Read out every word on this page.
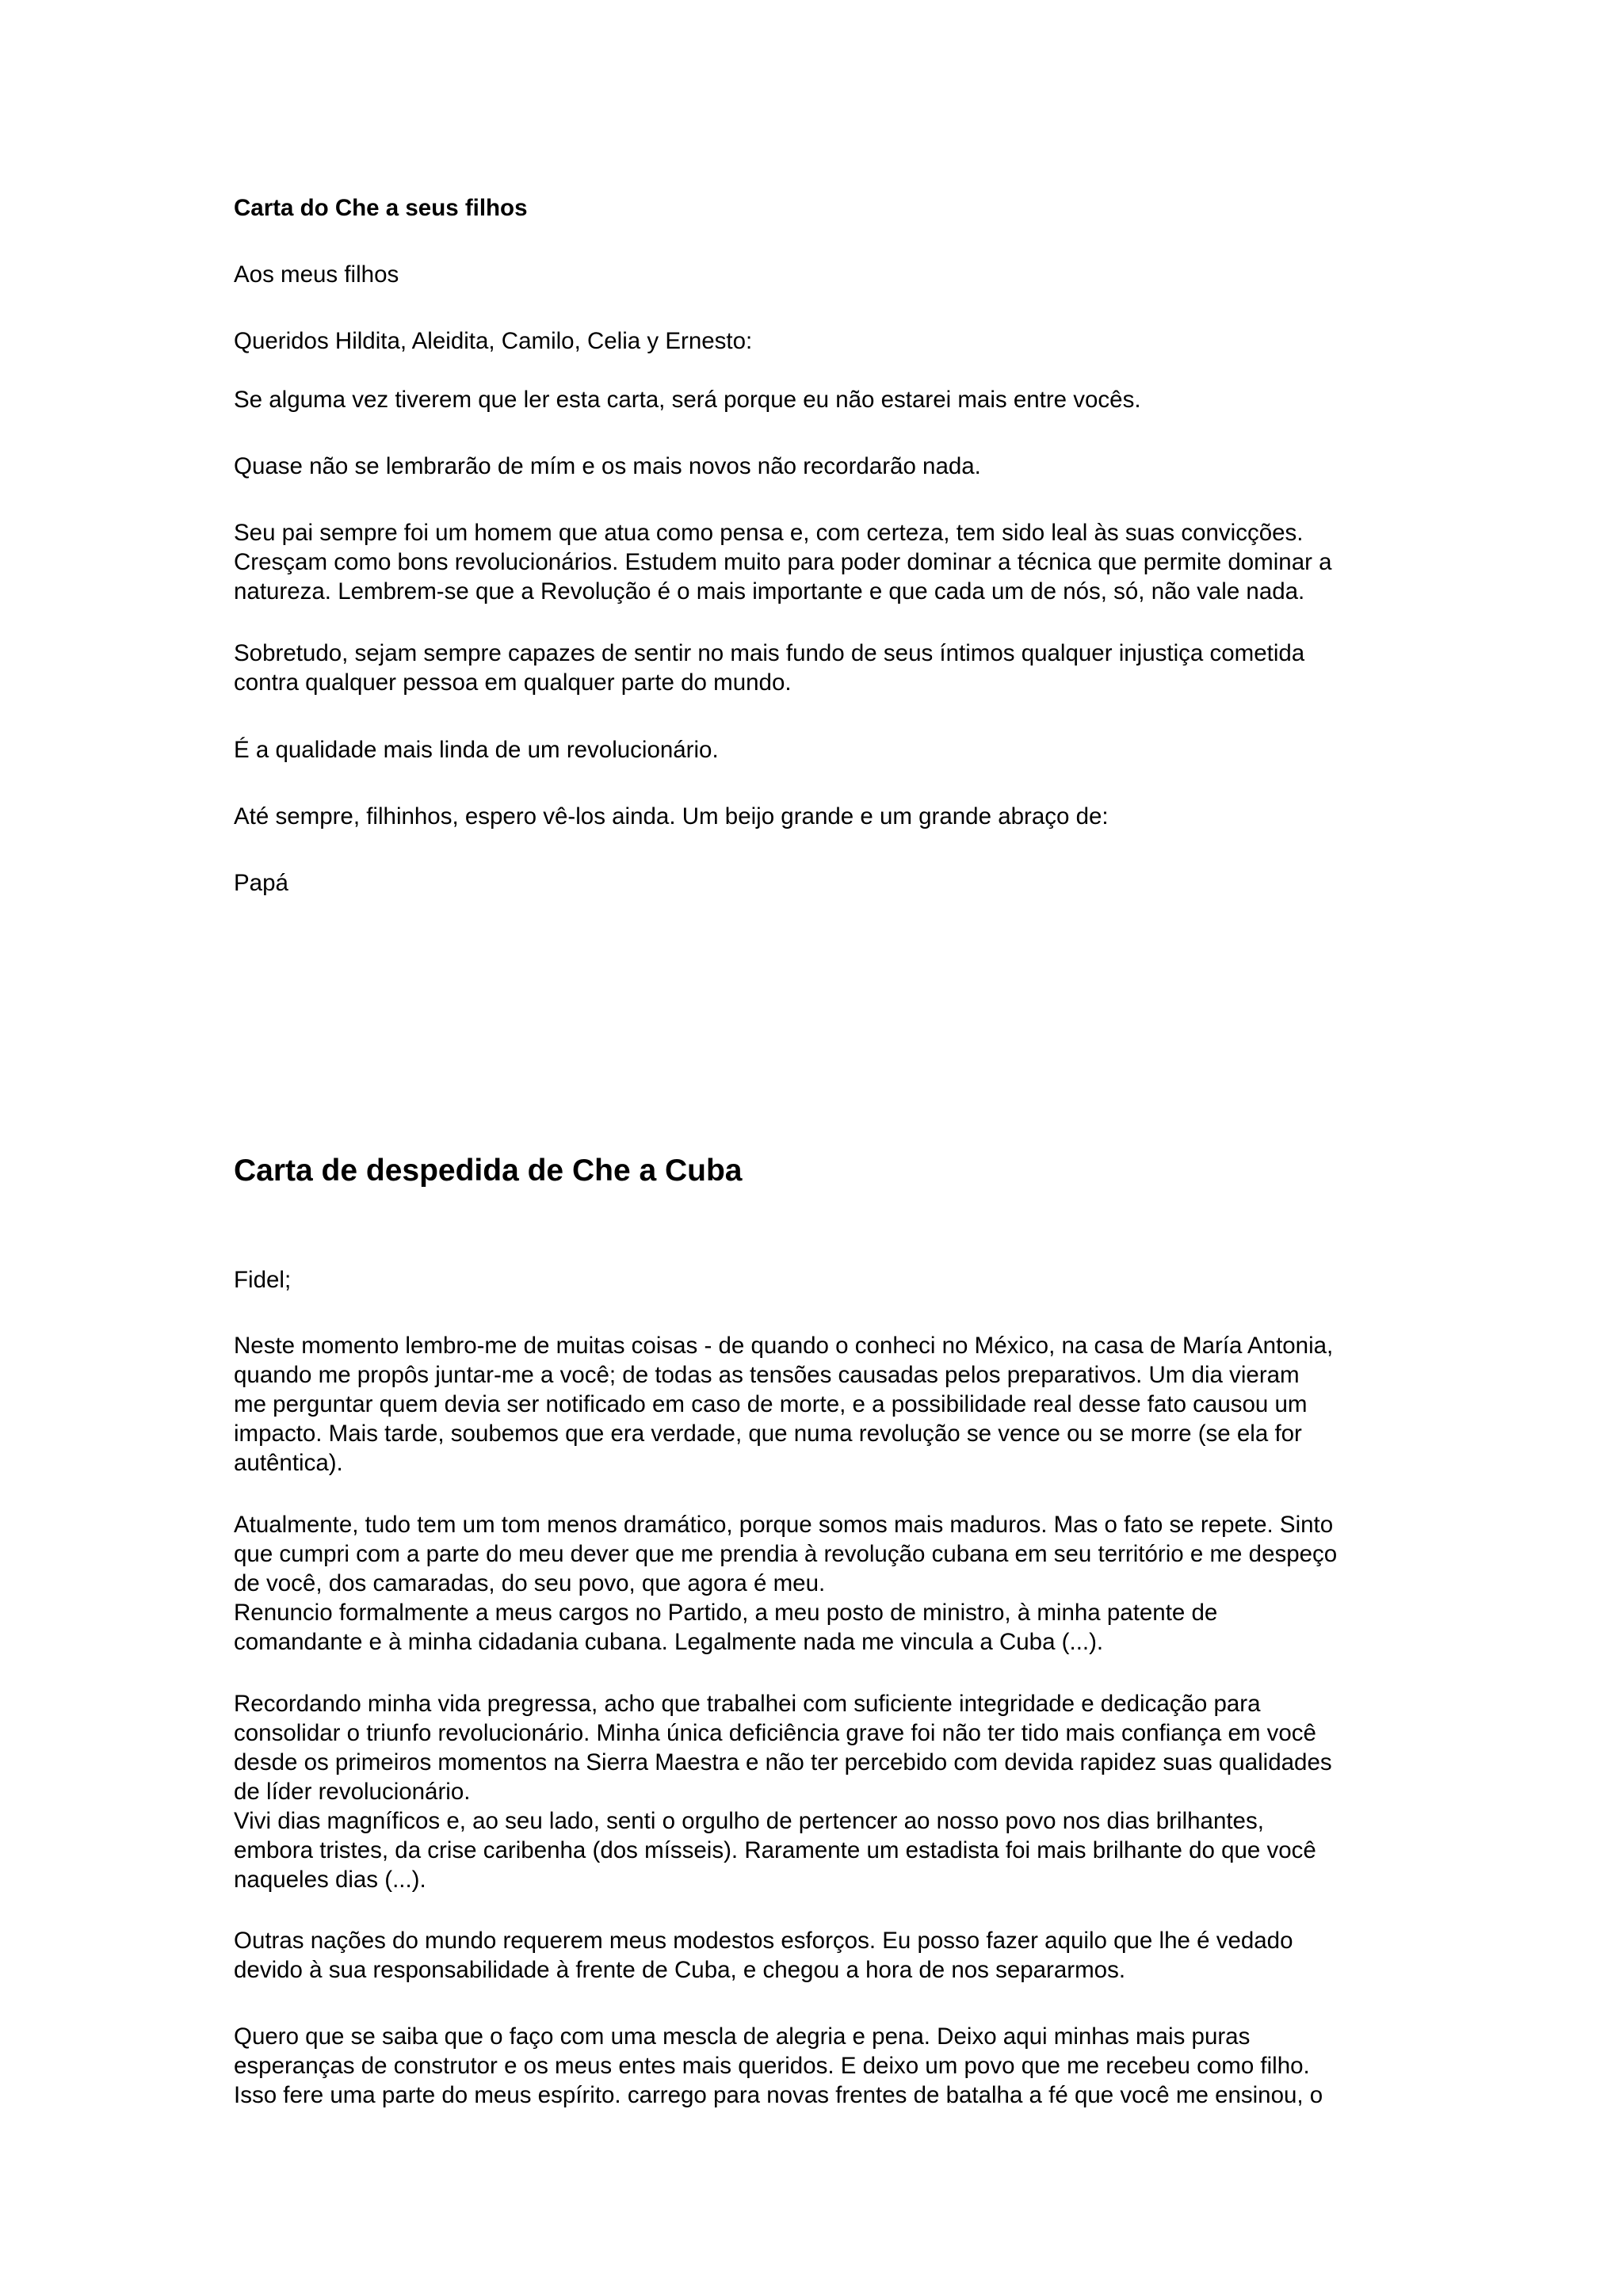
Carta do Che a seus filhos
Aos meus filhos
Queridos Hildita, Aleidita, Camilo, Celia y Ernesto:
Se alguma vez tiverem que ler esta carta, será porque eu não estarei mais entre vocês.
Quase não se lembrarão de mím e os mais novos não recordarão nada.
Seu pai sempre foi um homem que atua como pensa e, com certeza, tem sido leal às suas convicções.
Cresçam como bons revolucionários. Estudem muito para poder dominar a técnica que permite dominar a
natureza. Lembrem-se que a Revolução é o mais importante e que cada um de nós, só, não vale nada.
Sobretudo, sejam sempre capazes de sentir no mais fundo de seus íntimos qualquer injustiça cometida
contra qualquer pessoa em qualquer parte do mundo.
É a qualidade mais linda de um revolucionário.
Até sempre, filhinhos, espero vê-los ainda. Um beijo grande e um grande abraço de:
Papá
Carta de despedida de Che a Cuba
Fidel;
Neste momento lembro-me de muitas coisas - de quando o conheci no México, na casa de María Antonia,
quando me propôs juntar-me a você; de todas as tensões causadas pelos preparativos. Um dia vieram
me perguntar quem devia ser notificado em caso de morte, e a possibilidade real desse fato causou um
impacto. Mais tarde, soubemos que era verdade, que numa revolução se vence ou se morre (se ela for
autêntica).
Atualmente, tudo tem um tom menos dramático, porque somos mais maduros. Mas o fato se repete. Sinto
que cumpri com a parte do meu dever que me prendia à revolução cubana em seu território e me despeço
de você, dos camaradas, do seu povo, que agora é meu.
Renuncio formalmente a meus cargos no Partido, a meu posto de ministro, à minha patente de
comandante e à minha cidadania cubana. Legalmente nada me vincula a Cuba (...).
Recordando minha vida pregressa, acho que trabalhei com suficiente integridade e dedicação para
consolidar o triunfo revolucionário. Minha única deficiência grave foi não ter tido mais confiança em você
desde os primeiros momentos na Sierra Maestra e não ter percebido com devida rapidez suas qualidades
de líder revolucionário.
Vivi dias magníficos e, ao seu lado, senti o orgulho de pertencer ao nosso povo nos dias brilhantes,
embora tristes, da crise caribenha (dos mísseis). Raramente um estadista foi mais brilhante do que você
naqueles dias (...).
Outras nações do mundo requerem meus modestos esforços. Eu posso fazer aquilo que lhe é vedado
devido à sua responsabilidade à frente de Cuba, e chegou a hora de nos separarmos.
Quero que se saiba que o faço com uma mescla de alegria e pena. Deixo aqui minhas mais puras
esperanças de construtor e os meus entes mais queridos. E deixo um povo que me recebeu como filho.
Isso fere uma parte do meus espírito. carrego para novas frentes de batalha a fé que você me ensinou, o
